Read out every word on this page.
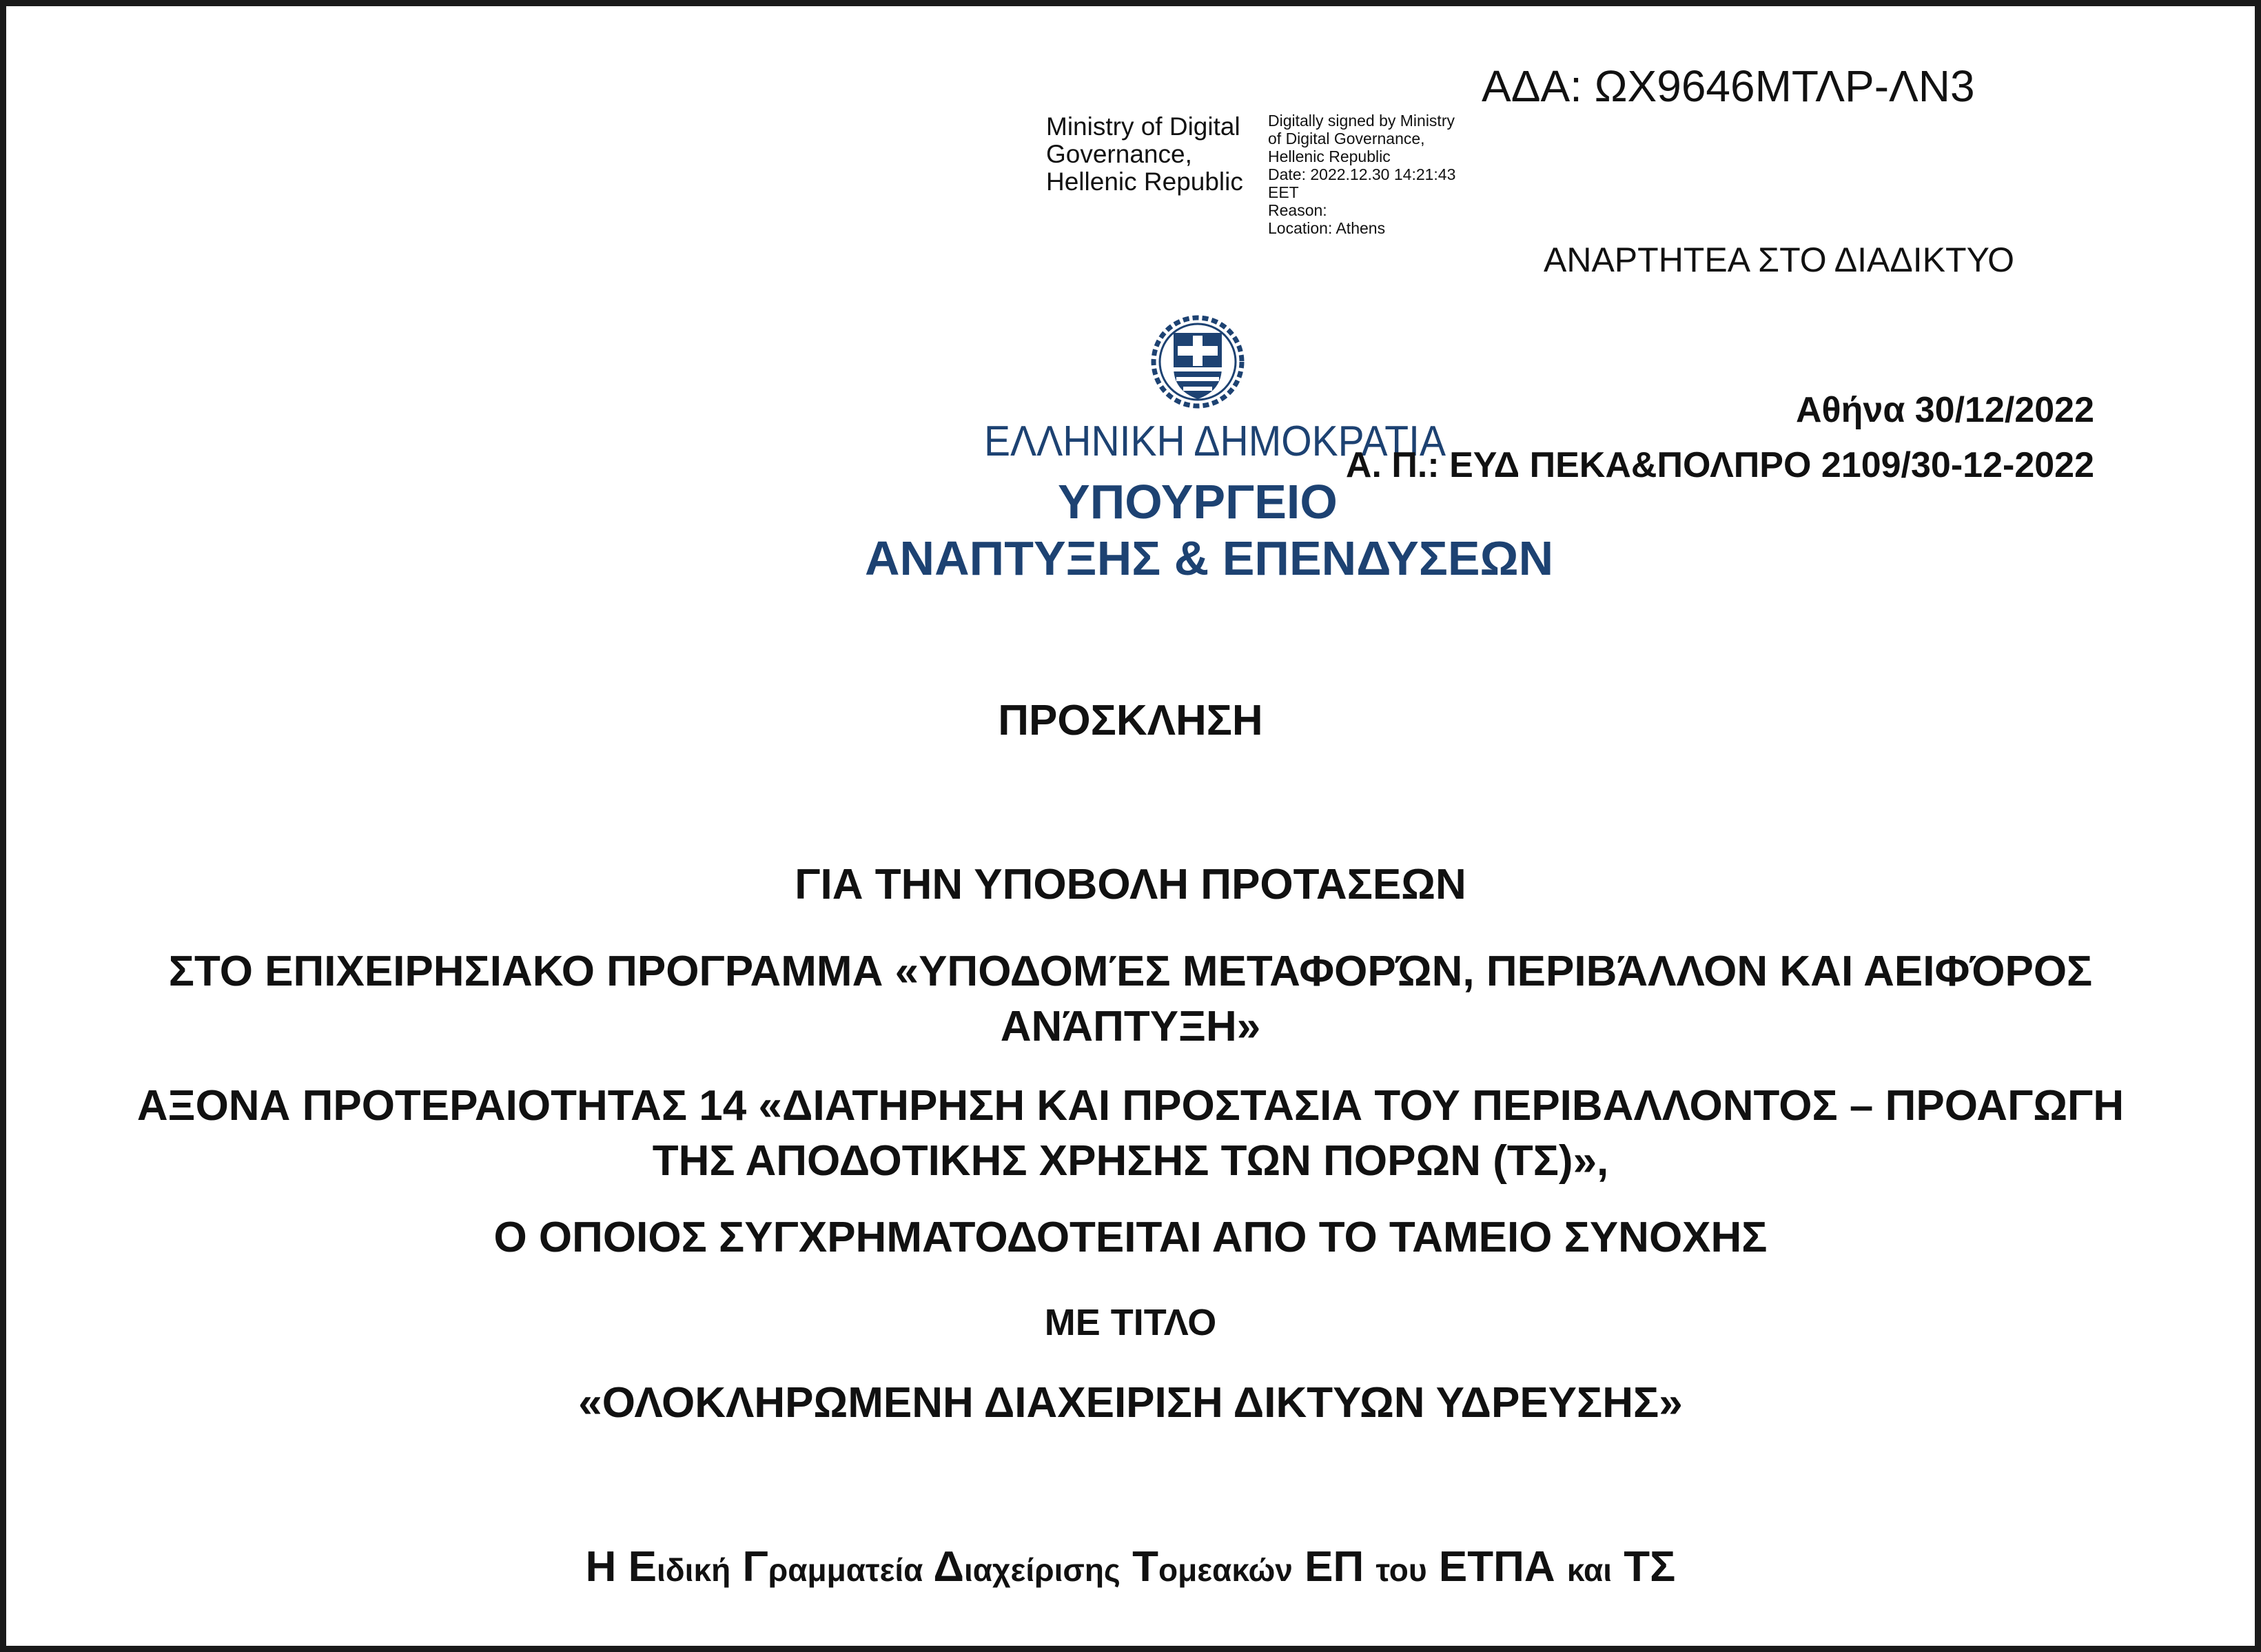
ΑΔΑ: ΩΧ9646ΜΤΛΡ-ΛΝ3
Ministry of Digital
Governance,
Hellenic Republic
Digitally signed by Ministry
of Digital Governance,
Hellenic Republic
Date: 2022.12.30 14:21:43
EET
Reason:
Location: Athens
ΑΝΑΡΤΗΤΕΑ ΣΤΟ ΔΙΑΔΙΚΤΥΟ
ΕΛΛΗΝΙΚΗ ΔΗΜΟΚΡΑΤΙΑ
ΥΠΟΥΡΓΕΙΟ
ΑΝΑΠΤΥΞΗΣ & ΕΠΕΝΔΥΣΕΩΝ
Αθήνα 30/12/2022
Α. Π.: ΕΥΔ ΠΕΚΑ&ΠΟΛΠΡΟ 2109/30-12-2022
ΠΡΟΣΚΛΗΣΗ
ΓΙΑ ΤΗΝ ΥΠΟΒΟΛΗ ΠΡΟΤΑΣΕΩΝ
ΣΤΟ ΕΠΙΧΕΙΡΗΣΙΑΚΟ ΠΡΟΓΡΑΜΜΑ «ΥΠΟΔΟΜΈΣ ΜΕΤΑΦΟΡΏΝ, ΠΕΡΙΒΆΛΛΟΝ ΚΑΙ ΑΕΙΦΌΡΟΣ
ΑΝΆΠΤΥΞΗ»
ΑΞΟΝΑ ΠΡΟΤΕΡΑΙΟΤΗΤΑΣ 14 «ΔΙΑΤΗΡΗΣΗ ΚΑΙ ΠΡΟΣΤΑΣΙΑ ΤΟΥ ΠΕΡΙΒΑΛΛΟΝΤΟΣ – ΠΡΟΑΓΩΓΗ
ΤΗΣ ΑΠΟΔΟΤΙΚΗΣ ΧΡΗΣΗΣ ΤΩΝ ΠΟΡΩΝ (ΤΣ)»,
Ο ΟΠΟΙΟΣ ΣΥΓΧΡΗΜΑΤΟΔΟΤΕΙΤΑΙ ΑΠΟ ΤΟ ΤΑΜΕΙΟ ΣΥΝΟΧΗΣ
ΜΕ ΤΙΤΛΟ
«ΟΛΟΚΛΗΡΩΜΕΝΗ ΔΙΑΧΕΙΡΙΣΗ ΔΙΚΤΥΩΝ ΥΔΡΕΥΣΗΣ»
Η Ειδική Γραμματεία Διαχείρισης Τομεακών ΕΠ του ΕΤΠΑ και ΤΣ
